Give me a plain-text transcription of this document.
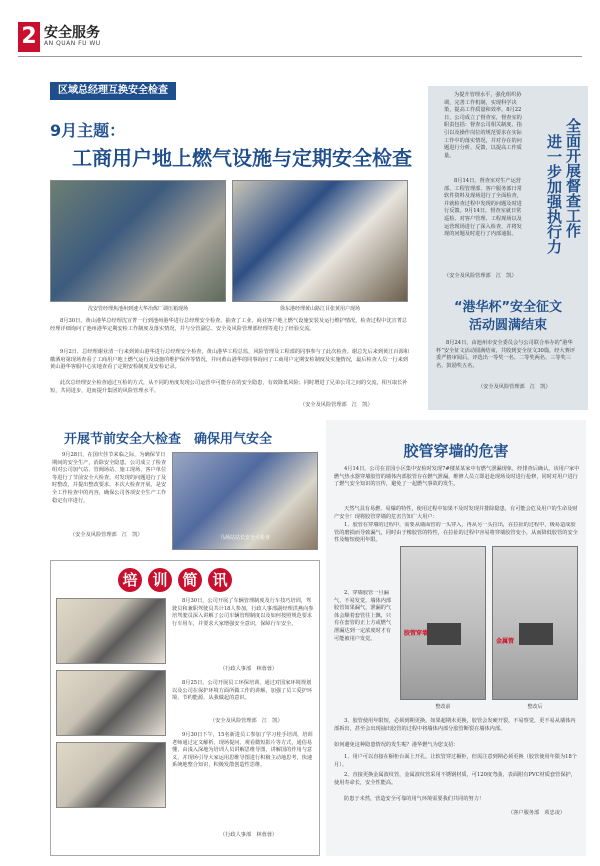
2 安全服务
AN QUAN FU WU
区域总经理互换安全检查
9月主题：
工商用户地上燃气设施与定期安全检查
沈安管经理焦池州到速大华冶炼厂调压箱现场	徐东港经理黄山路江目张黄用户现场
8月30日，黄山港华总经理沈宣菁一行到池州港华进行总经理安全检查。抽查了工业、商业客户地上燃气设施安装及运行维护情况，检查过程中沈宣菁总经理详细询问了池州港华定期安检工作制度及落实情况，并与分管副总、安全及风险管理部经理等进行了经验交流。
9月2日，总经理谢业清一行来到黄山港华进行总经理安全检查，黄山港华工程总监，风险管理及工程部的同事参与了此次检查。谢总先后来到黄江百源和徽酒府第现场查看了工商用户地上燃气运行及设施的维护保养等情况，并问黄山港华的同事询问了工商用户定期安检制度及实施情况，最后检查人员一行来到黄山港华客服中心实地查看了定期安检制度及安检记录。
此次总经理安全检查通过互检的方式，从不同的角度发现公司运营中可能存在的安全隐患，有效降低风险；同时增进了兄弟公司之间的交流，相互取长补短，共同进步，进而提升集团的风险管理水平。
（安全及风险管理部　江　凯）
为提升管理水平，强化组织协调，完善工作机制，实现科学决策，提高工作质量和效率，8月22日，公司成立了督查室，督查室的职责包括：督查公司相关制度、指引以及操作岗位的规范要求在实际工作中的落实情况，并对存在的问题进行分析、反馈，以提高工作质量。
8月14日，督查室对生产运营部、工程管理部、客户服务部日常软件资料及现场进行了全面检查，并就检查过程中发现的问题及时进行反馈。9月14日，督查室就日常巡检、对客户管理、工程现场以及运营现场进行了深入检查，并将发现的问题及时进行了内部通报。
（安全及风险管理部　江　凯）
全面开展督查工作
进一步加强执行力
“港华杯”安全征文
活动圆满结束
8月24日，由池州市安全委员会与公司联合举办的“港华杯”安全征文活动圆满结束，共收到安全征文30篇，经大赛评委严格审阅后，评选出一等奖一名、二等奖两名、三等奖三名、鼓励奖五名。
（安全及风险管理部　江　凯）
开展节前安全大检查　确保用气安全
9月28日，在国庆佳节来临之际，为确保节日期间的安全生产，消除安全隐患，公司成立了检查组对公司加气站、管阀场站、施工现场、客户单位等进行了节前安全大检查，对发现的问题进行了及时整改，并提出整改要求。本次大检查开展，是安全工作检查中的内容，确保公司各项安全生产工作稳定有序进行。
（安全及风险管理部　江　凯）	马场站站长安全大检查
培 训 简 讯
8月30日，公司开展了车辆管理制度及行车技巧培训，驾驶员和兼职驾驶员共计18人参加，行政人事部副经理洪燕向参培驾驶员深入讲解了公司车辆管理制度以及如何按照规范要求行车用车，并要求大家增强安全意识，保障行车安全。
（行政人事部　林蓉蓉）
8月25日，公司开展员工环保培训，通过对国家环境规划以及公司在保护环境方面所做工作的讲解，加强了员工爱护环境、节约能源，从我做起的意识。
（安全及风险管理部　江　凯）
9月30日下午，15名新进员工参加了学习桂手培训，培训老师通过定义解析、现场提问、观看微短影片等方式，通俗易懂、由浅入深地为培训人员讲解思维导图，讲解国的作用与意义，并现场引导大家运用思维导图进行积极主动地思考，快速系统地整合知识，积极发散创造性思维。
（行政人事部　林蓉蓉）
胶管穿墙的危害
4月14日，公司在首园小区集中安检时发现7#楼某某家中有燃气泄漏现象，经排查后确认，该用户家中燃气热水器穿墙胶管的墙体内部胶管存在燃气泄漏，维修人员立即赶赴现场及时进行抢修，同时对用户进行了燃气安全知识的宣传，避免了一起燃气事故的发生。
天然气具有易燃、易爆的特性，使用过程中如果不及时发现并排除隐患，有可能会危及用户的生命及财产安全！现将胶管穿墙的危害告知广大用户：
1、胶管在穿墙的过程中，需要从墙面管的一头穿入，再从另一头拉出，在拉扯的过程中，极易造成胶管的磨损而导致漏气，同时由于橡胶管的特性，在拉扯的过程中容易将穿墙胶管变小，从而降低胶管的安全性及缩短使用年限。
2、穿墙胶管一旦漏气，不易发觉，墙体内部胶管如果漏气，泄漏的气体会顺着套管往上飘，只有在套管的正上方或燃气泄漏达到一定浓度时才有可能被用户发觉。
胶管穿墙
整改前
金属管
整改后
3、胶管使用年限短，必须到期更换。如果超期未更换，胶管会发硬开裂，不易察觉，更不易从墙体内部拆出，甚至会出现抽出胶管的过程中将墙体内部分胶管断裂在墙体内部。
如何避免这种隐患情况的发生呢？港华燃气为您支招：
1、用户可以直接在橱柜台面上开孔，让软管穿过橱柜，但需注意到期必须更换（胶管使用年限为18个月）。
2、直接更换金属波纹管，金属波纹管采用不锈钢材质，可120度弯曲，表面附有PVC材质套管保护，使用寿命长，安全性能高。
防患于未然，营造安全可靠的用气环境需要我们共同的努力！
（客户服务部　项忠凌）
